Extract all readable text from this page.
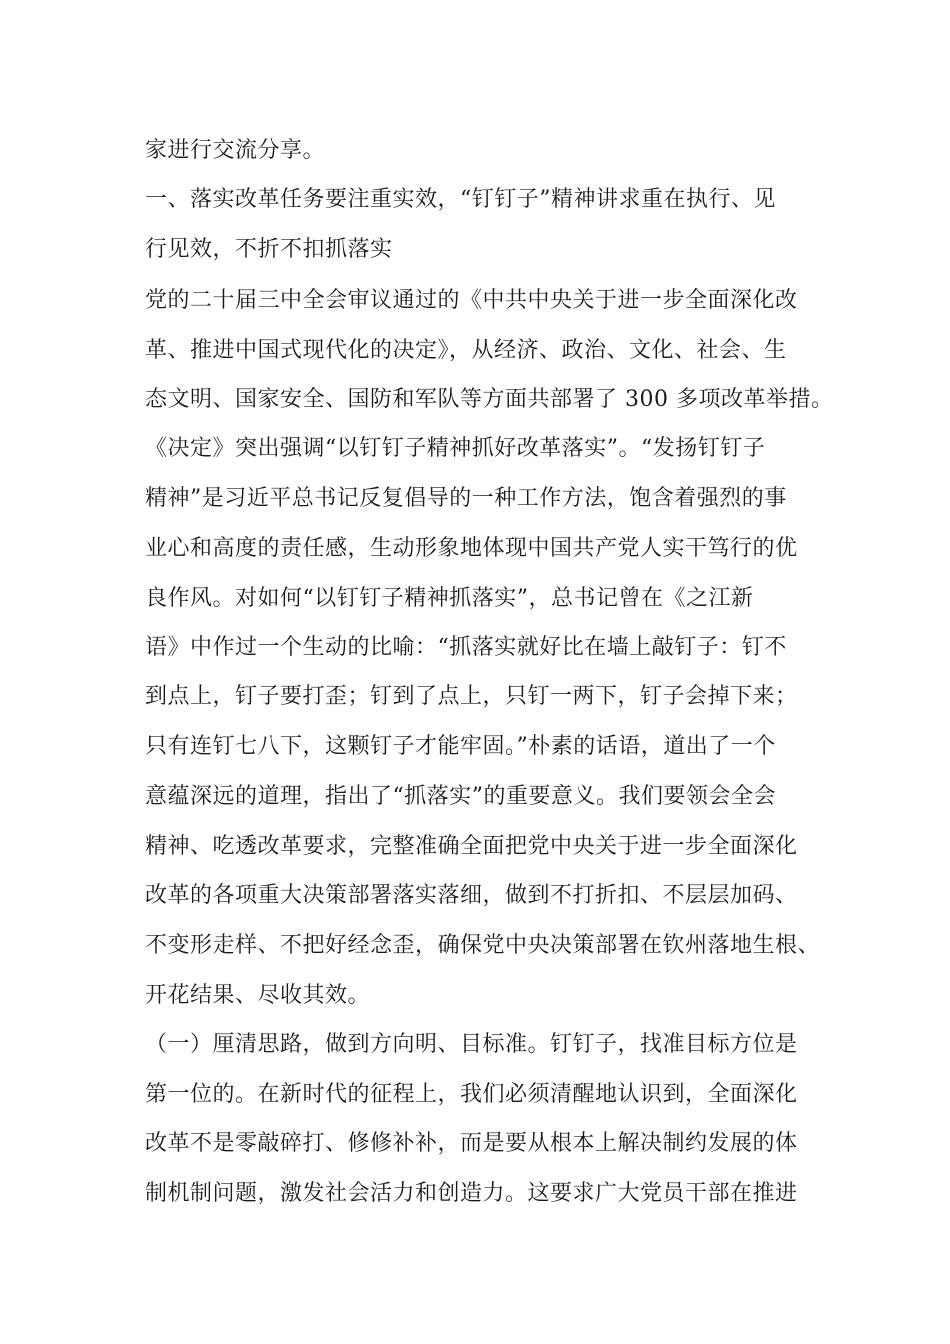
家进行交流分享。
一、落实改革任务要注重实效，“钉钉子”精神讲求重在执行、见
行见效，不折不扣抓落实
党的二十届三中全会审议通过的《中共中央关于进一步全面深化改
革、推进中国式现代化的决定》，从经济、政治、文化、社会、生
态文明、国家安全、国防和军队等方面共部署了 300 多项改革举措。
《决定》突出强调“以钉钉子精神抓好改革落实”。“发扬钉钉子
精神”是习近平总书记反复倡导的一种工作方法，饱含着强烈的事
业心和高度的责任感，生动形象地体现中国共产党人实干笃行的优
良作风。对如何“以钉钉子精神抓落实”，总书记曾在《之江新
语》中作过一个生动的比喻：“抓落实就好比在墙上敲钉子：钉不
到点上，钉子要打歪；钉到了点上，只钉一两下，钉子会掉下来；
只有连钉七八下，这颗钉子才能牢固。”朴素的话语，道出了一个
意蕴深远的道理，指出了“抓落实”的重要意义。我们要领会全会
精神、吃透改革要求，完整准确全面把党中央关于进一步全面深化
改革的各项重大决策部署落实落细，做到不打折扣、不层层加码、
不变形走样、不把好经念歪，确保党中央决策部署在钦州落地生根、
开花结果、尽收其效。
（一）厘清思路，做到方向明、目标准。钉钉子，找准目标方位是
第一位的。在新时代的征程上，我们必须清醒地认识到，全面深化
改革不是零敲碎打、修修补补，而是要从根本上解决制约发展的体
制机制问题，激发社会活力和创造力。这要求广大党员干部在推进
